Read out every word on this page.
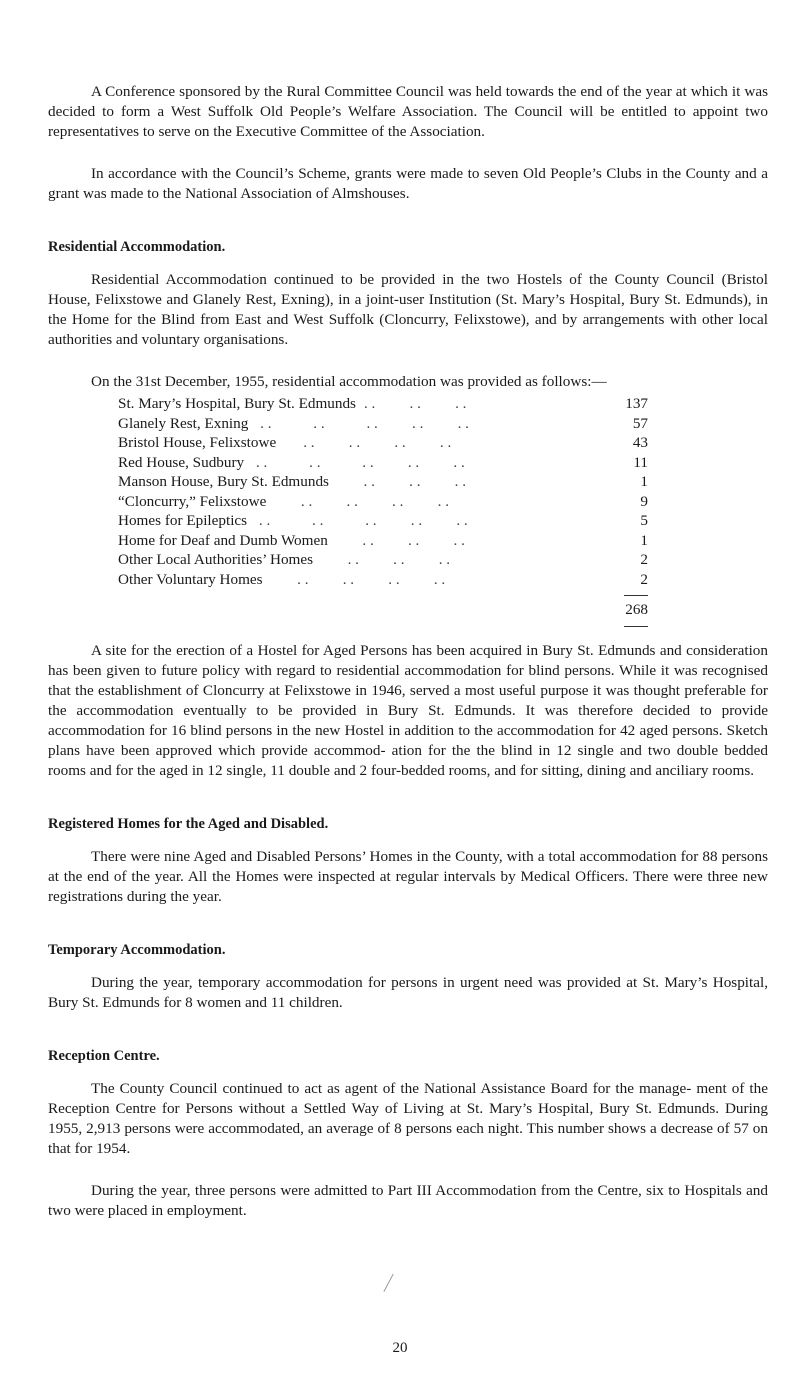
A Conference sponsored by the Rural Committee Council was held towards the end of the year at which it was decided to form a West Suffolk Old People’s Welfare Association. The Council will be entitled to appoint two representatives to serve on the Executive Committee of the Association.

In accordance with the Council’s Scheme, grants were made to seven Old People’s Clubs in the County and a grant was made to the National Association of Almshouses.

Residential Accommodation.

Residential Accommodation continued to be provided in the two Hostels of the County Council (Bristol House, Felixstowe and Glanely Rest, Exning), in a joint-user Institution (St. Mary’s Hospital, Bury St. Edmunds), in the Home for the Blind from East and West Suffolk (Cloncurry, Felixstowe), and by arrangements with other local authorities and voluntary organisations.

On the 31st December, 1955, residential accommodation was provided as follows:—

St. Mary’s Hospital, Bury St. Edmunds . .         . .         . .	137
Glanely Rest, Exning . .           . .           . .         . .         . .	57
Bristol House, Felixstowe . .         . .         . .         . .	43
Red House, Sudbury . .           . .           . .         . .         . .	11
Manson House, Bury St. Edmunds . .         . .         . .	1
“Cloncurry,” Felixstowe . .         . .         . .         . .	9
Homes for Epileptics . .           . .           . .         . .         . .	5
Home for Deaf and Dumb Women . .         . .         . .	1
Other Local Authorities’ Homes . .         . .         . .	2
Other Voluntary Homes . .         . .         . .         . .	2
268

A site for the erection of a Hostel for Aged Persons has been acquired in Bury St. Edmunds and consideration has been given to future policy with regard to residential accommodation for blind persons. While it was recognised that the establishment of Cloncurry at Felixstowe in 1946, served a most useful purpose it was thought preferable for the accommodation eventually to be provided in Bury St. Edmunds. It was therefore decided to provide accommodation for 16 blind persons in the new Hostel in addition to the accommodation for 42 aged persons. Sketch plans have been approved which provide accommod- ation for the the blind in 12 single and two double bedded rooms and for the aged in 12 single, 11 double and 2 four-bedded rooms, and for sitting, dining and anciliary rooms.

Registered Homes for the Aged and Disabled.

There were nine Aged and Disabled Persons’ Homes in the County, with a total accommodation for 88 persons at the end of the year. All the Homes were inspected at regular intervals by Medical Officers. There were three new registrations during the year.

Temporary Accommodation.

During the year, temporary accommodation for persons in urgent need was provided at St. Mary’s Hospital, Bury St. Edmunds for 8 women and 11 children.

Reception Centre.

The County Council continued to act as agent of the National Assistance Board for the manage- ment of the Reception Centre for Persons without a Settled Way of Living at St. Mary’s Hospital, Bury St. Edmunds. During 1955, 2,913 persons were accommodated, an average of 8 persons each night. This number shows a decrease of 57 on that for 1954.

During the year, three persons were admitted to Part III Accommodation from the Centre, six to Hospitals and two were placed in employment.

20
